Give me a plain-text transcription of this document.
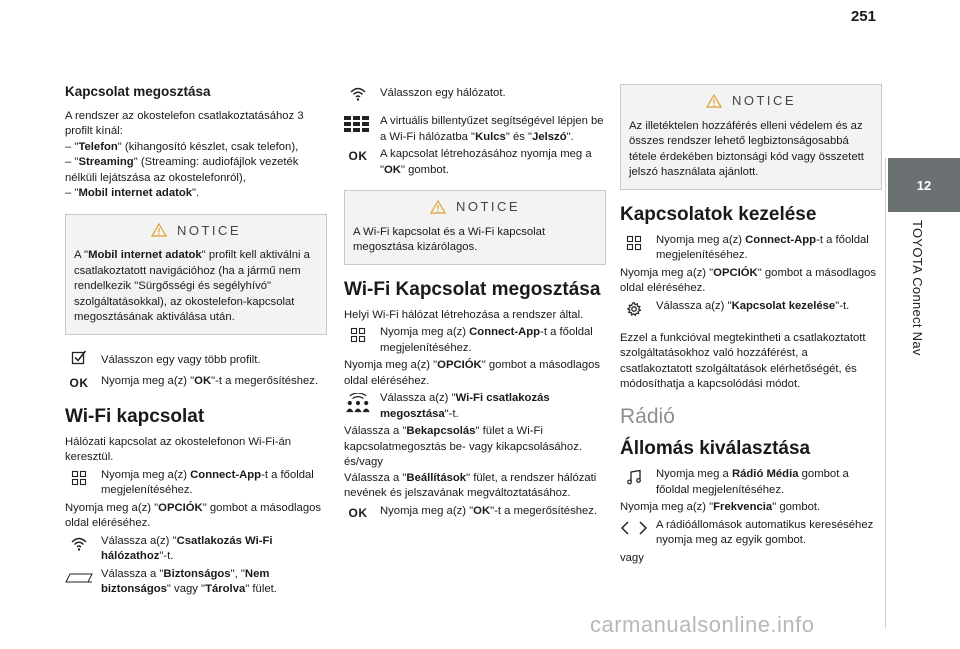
251
12
TOYOTA Connect Nav
Kapcsolat megosztása

A rendszer az okostelefon csatlakoztatásához 3 profilt kínál:

– "Telefon" (kihangosító készlet, csak telefon),

– "Streaming" (Streaming: audiofájlok vezeték nélküli lejátszása az okostelefonról),

– "Mobil internet adatok".

NOTICE

A "Mobil internet adatok" profilt kell aktiválni a csatlakoztatott navigációhoz (ha a jármű nem rendelkezik "Sürgősségi és segélyhívó" szolgáltatásokkal), az okostelefon-kapcsolat megosztásának aktiválása után.

Válasszon egy vagy több profilt.

OK	Nyomja meg a(z) "OK"-t a megerősítéshez.

Wi-Fi kapcsolat

Hálózati kapcsolat az okostelefonon Wi-Fi-án keresztül.

Nyomja meg a(z) Connect-App-t a főoldal megjelenítéséhez.

Nyomja meg a(z) "OPCIÓK" gombot a másodlagos oldal eléréséhez.

Válassza a(z) "Csatlakozás Wi-Fi hálózathoz"-t.

Válassza a "Biztonságos", "Nem biztonságos" vagy "Tárolva" fület.

Válasszon egy hálózatot.

A virtuális billentyűzet segítségével lépjen be a Wi-Fi hálózatba "Kulcs" és "Jelszó".

OK	A kapcsolat létrehozásához nyomja meg a "OK" gombot.

NOTICE

A Wi-Fi kapcsolat és a Wi-Fi kapcsolat megosztása kizárólagos.

Wi-Fi Kapcsolat megosztása

Helyi Wi-Fi hálózat létrehozása a rendszer által.

Nyomja meg a(z) Connect-App-t a főoldal megjelenítéséhez.

Nyomja meg a(z) "OPCIÓK" gombot a másodlagos oldal eléréséhez.

Válassza a(z) "Wi-Fi csatlakozás megosztása"-t.

Válassza a "Bekapcsolás" fület a Wi-Fi kapcsolatmegosztás be- vagy kikapcsolásához.

és/vagy

Válassza a "Beállítások" fület, a rendszer hálózati nevének és jelszavának megváltoztatásához.

OK	Nyomja meg a(z) "OK"-t a megerősítéshez.

NOTICE

Az illetéktelen hozzáférés elleni védelem és az összes rendszer lehető legbiztonságosabbá tétele érdekében biztonsági kód vagy összetett jelszó használata ajánlott.

Kapcsolatok kezelése

Nyomja meg a(z) Connect-App-t a főoldal megjelenítéséhez.

Nyomja meg a(z) "OPCIÓK" gombot a másodlagos oldal eléréséhez.

Válassza a(z) "Kapcsolat kezelése"-t.

Ezzel a funkcióval megtekintheti a csatlakoztatott szolgáltatásokhoz való hozzáférést, a csatlakoztatott szolgáltatások elérhetőségét, és módosíthatja a kapcsolódási módot.

Rádió
Állomás kiválasztása

Nyomja meg a Rádió Média gombot a főoldal megjelenítéséhez.

Nyomja meg a(z) "Frekvencia" gombot.

A rádióállomások automatikus kereséséhez nyomja meg az egyik gombot.

vagy

carmanualsonline.info
